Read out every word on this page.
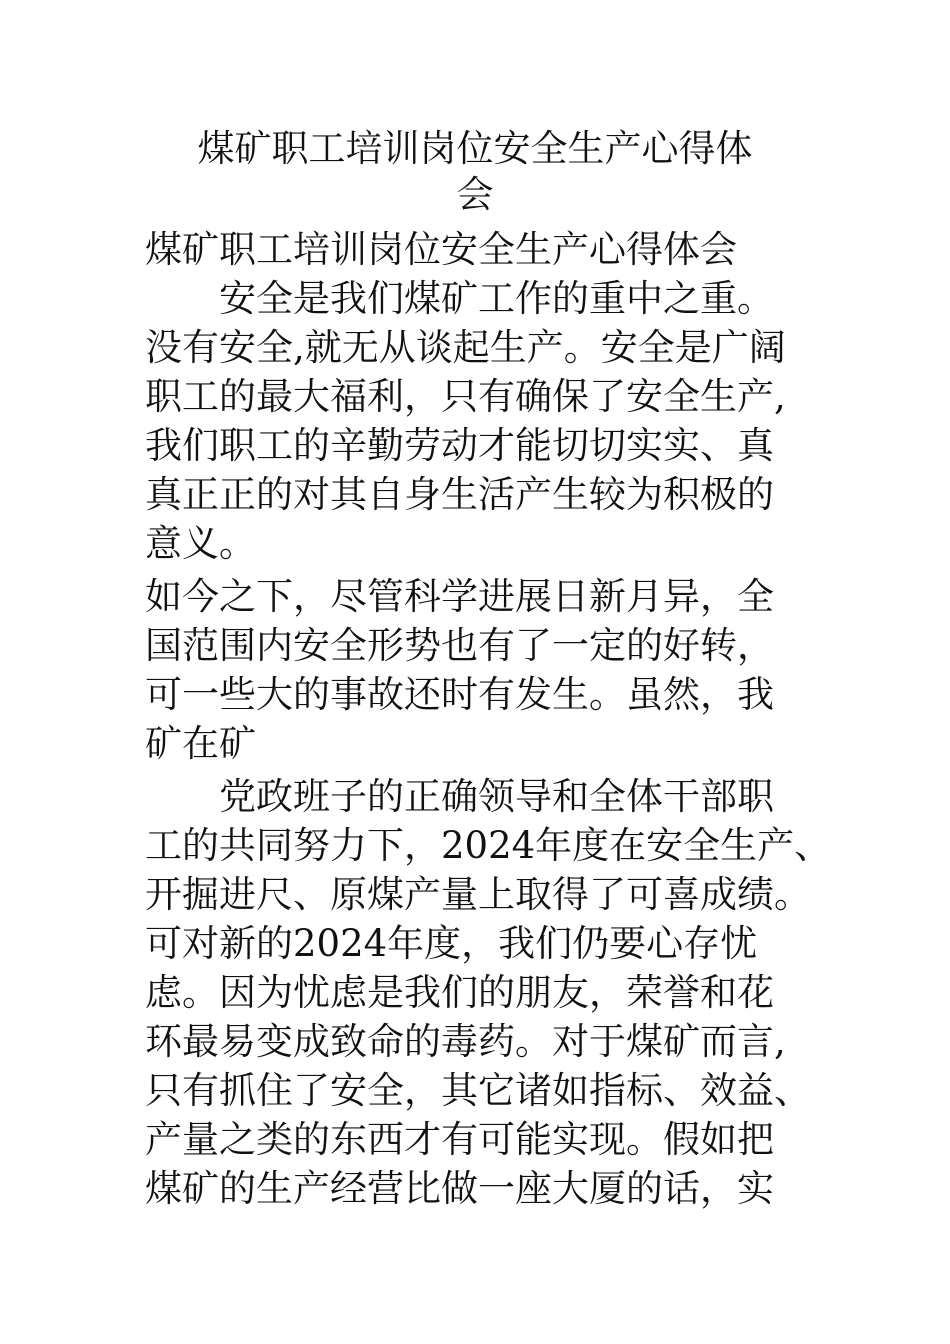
煤矿职工培训岗位安全生产心得体
会
煤矿职工培训岗位安全生产心得体会
　　安全是我们煤矿工作的重中之重。
没有安全,就无从谈起生产。安全是广阔
职工的最大福利，只有确保了安全生产,
我们职工的辛勤劳动才能切切实实、真
真正正的对其自身生活产生较为积极的
意义。
如今之下，尽管科学进展日新月异，全
国范围内安全形势也有了一定的好转，
可一些大的事故还时有发生。虽然，我
矿在矿
　　党政班子的正确领导和全体干部职
工的共同努力下，2024年度在安全生产、
开掘进尺、原煤产量上取得了可喜成绩。
可对新的2024年度，我们仍要心存忧
虑。因为忧虑是我们的朋友，荣誉和花
环最易变成致命的毒药。对于煤矿而言,
只有抓住了安全，其它诸如指标、效益、
产量之类的东西才有可能实现。假如把
煤矿的生产经营比做一座大厦的话，实
